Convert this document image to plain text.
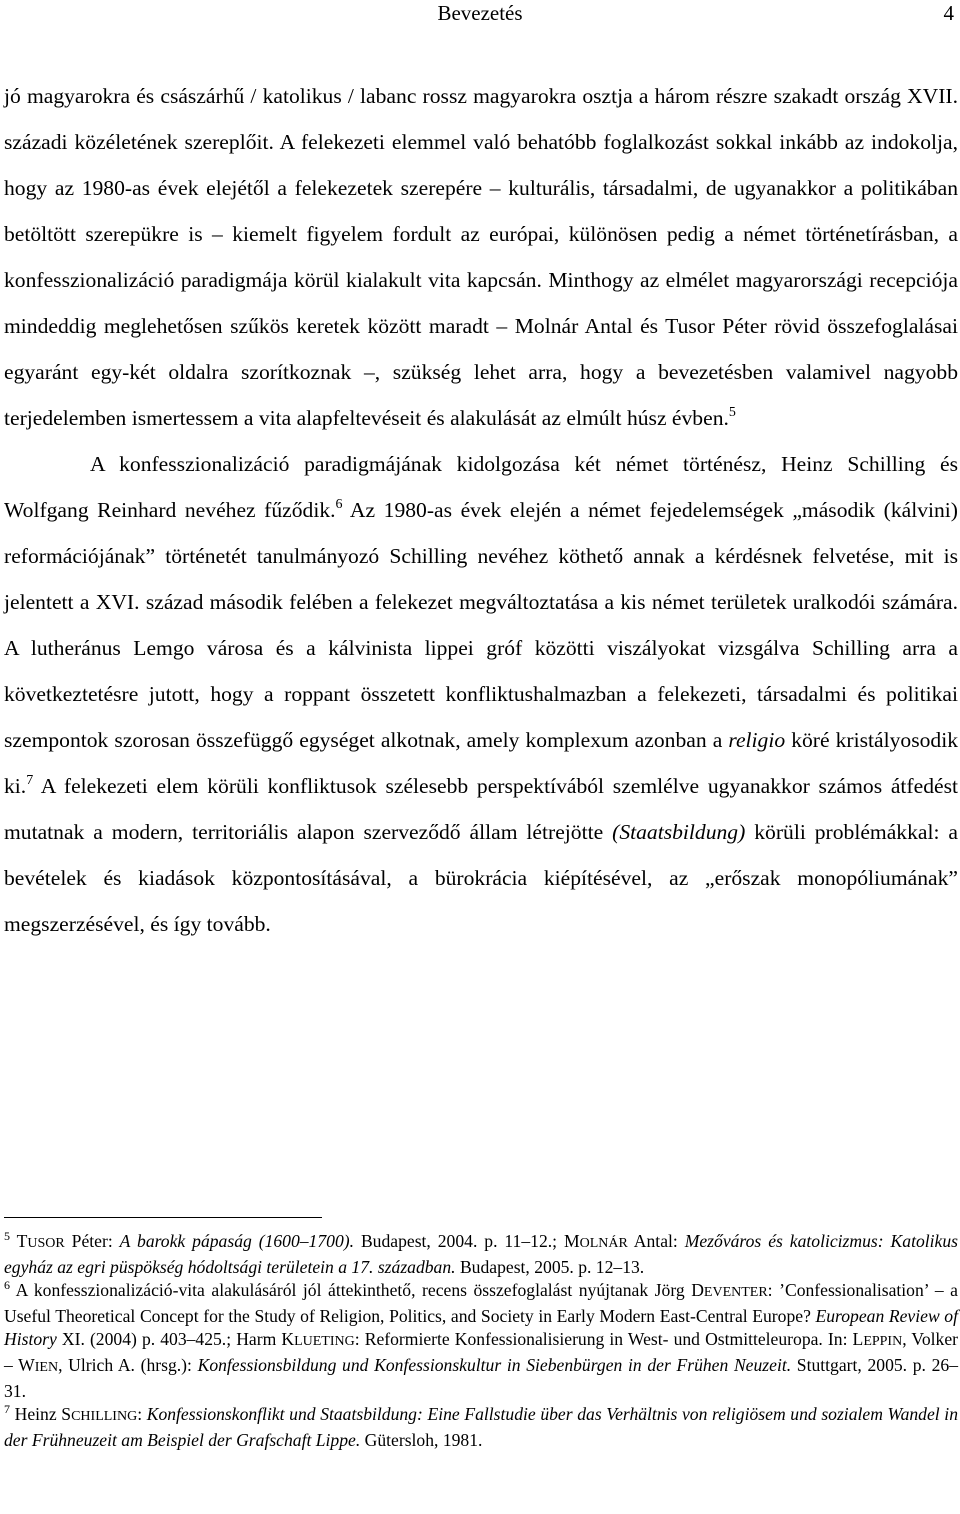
Bevezetés	4

jó magyarokra és császárhű / katolikus / labanc rossz magyarokra osztja a három részre szakadt ország XVII. századi közéletének szereplőit. A felekezeti elemmel való behatóbb foglalkozást sokkal inkább az indokolja, hogy az 1980-as évek elejétől a felekezetek szerepére – kulturális, társadalmi, de ugyanakkor a politikában betöltött szerepükre is – kiemelt figyelem fordult az európai, különösen pedig a német történetírásban, a konfesszionalizáció paradigmája körül kialakult vita kapcsán. Minthogy az elmélet magyarországi recepciója mindeddig meglehetősen szűkös keretek között maradt – Molnár Antal és Tusor Péter rövid összefoglalásai egyaránt egy-két oldalra szorítkoznak –, szükség lehet arra, hogy a bevezetésben valamivel nagyobb terjedelemben ismertessem a vita alapfeltevéseit és alakulását az elmúlt húsz évben.$^5$

A konfesszionalizáció paradigmájának kidolgozása két német történész, Heinz Schilling és Wolfgang Reinhard nevéhez fűződik.$^6$ Az 1980-as évek elején a német fejedelemségek „második (kálvini) reformációjának” történetét tanulmányozó Schilling nevéhez köthető annak a kérdésnek felvetése, mit is jelentett a XVI. század második felében a felekezet megváltoztatása a kis német területek uralkodói számára. A lutheránus Lemgo városa és a kálvinista lippei gróf közötti viszályokat vizsgálva Schilling arra a következtetésre jutott, hogy a roppant összetett konfliktushalmazban a felekezeti, társadalmi és politikai szempontok szorosan összefüggő egységet alkotnak, amely komplexum azonban a religio köré kristályosodik ki.$^7$ A felekezeti elem körüli konfliktusok szélesebb perspektívából szemlélve ugyanakkor számos átfedést mutatnak a modern, territoriális alapon szerveződő állam létrejötte (Staatsbildung) körüli problémákkal: a bevételek és kiadások központosításával, a bürokrácia kiépítésével, az „erőszak monopóliumának” megszerzésével, és így tovább.

$^5$ TUSOR Péter: A barokk pápaság (1600–1700). Budapest, 2004. p. 11–12.; MOLNÁR Antal: Mezőváros és katolicizmus: Katolikus egyház az egri püspökség hódoltsági területein a 17. században. Budapest, 2005. p. 12–13.

$^6$ A konfesszionalizáció-vita alakulásáról jól áttekinthető, recens összefoglalást nyújtanak Jörg DEVENTER: ’Confessionalisation’ – a Useful Theoretical Concept for the Study of Religion, Politics, and Society in Early Modern East-Central Europe? European Review of History XI. (2004) p. 403–425.; Harm KLUETING: Reformierte Konfessionalisierung in West- und Ostmitteleuropa. In: LEPPIN, Volker – WIEN, Ulrich A. (hrsg.): Konfessionsbildung und Konfessionskultur in Siebenbürgen in der Frühen Neuzeit. Stuttgart, 2005. p. 26–31.

$^7$ Heinz SCHILLING: Konfessionskonflikt und Staatsbildung: Eine Fallstudie über das Verhältnis von religiösem und sozialem Wandel in der Frühneuzeit am Beispiel der Grafschaft Lippe. Gütersloh, 1981.
